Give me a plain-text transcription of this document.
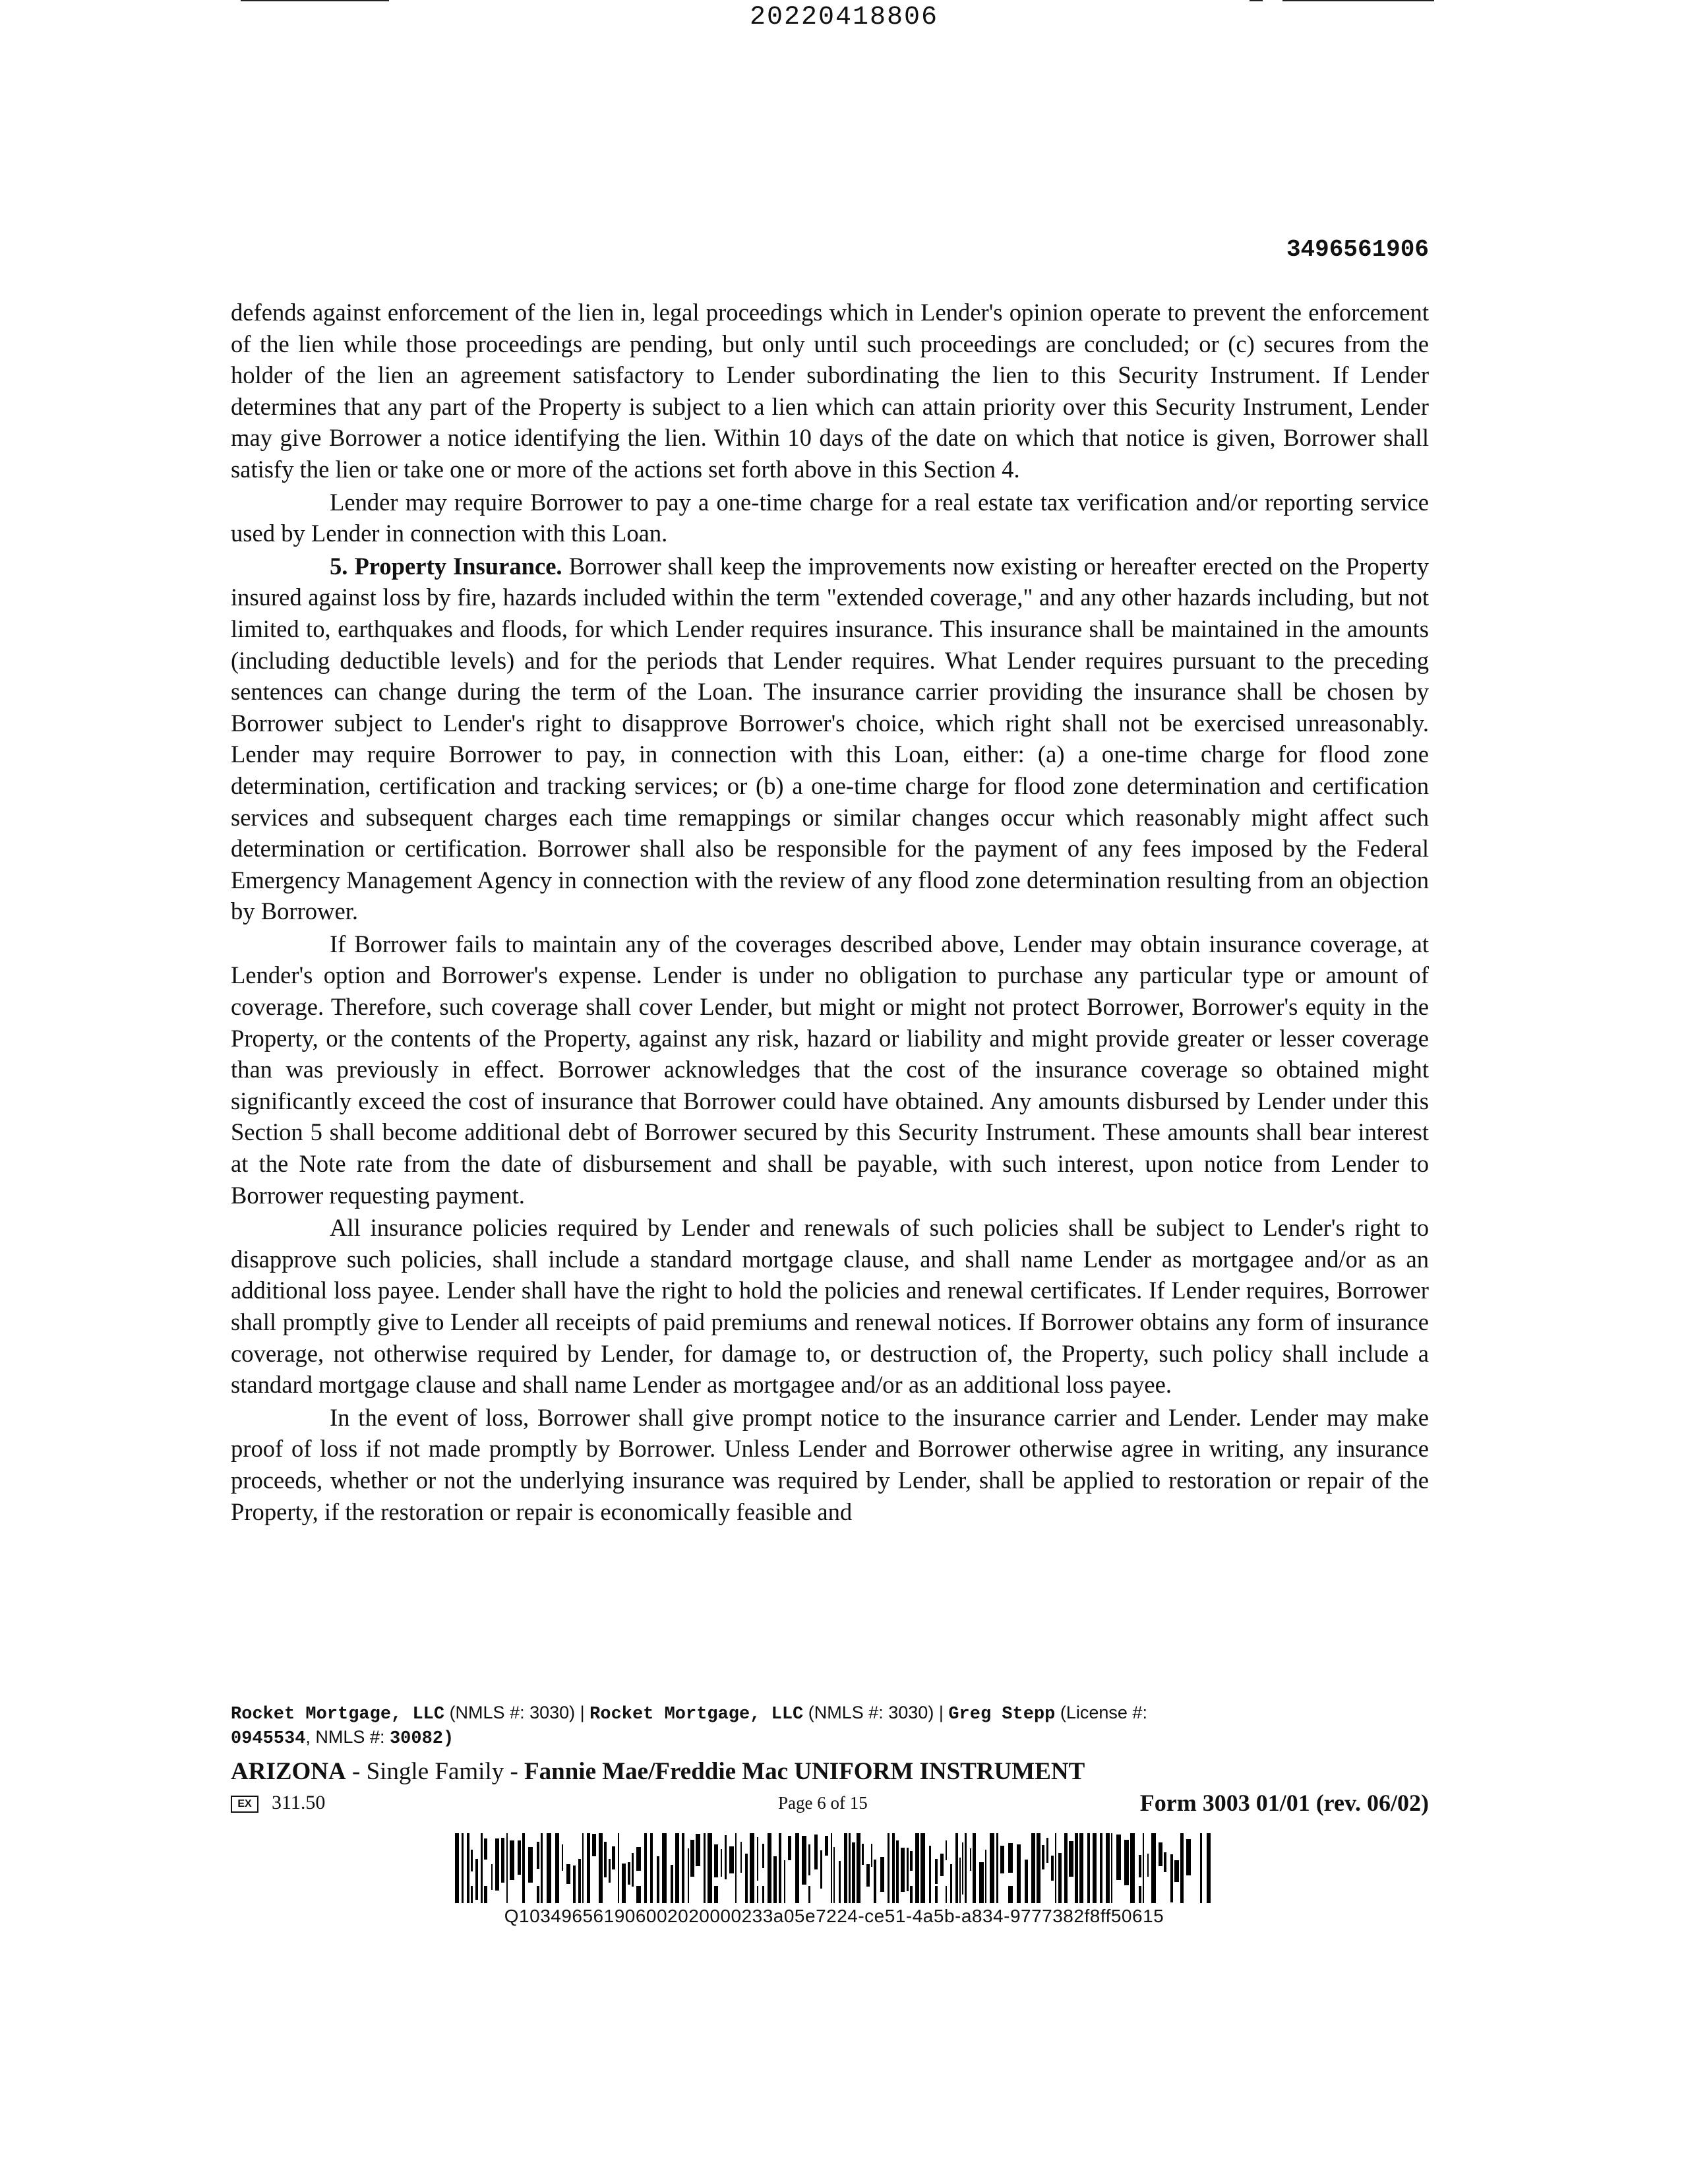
20220418806
3496561906

defends against enforcement of the lien in, legal proceedings which in Lender's opinion operate to prevent the enforcement of the lien while those proceedings are pending, but only until such proceedings are concluded; or (c) secures from the holder of the lien an agreement satisfactory to Lender subordinating the lien to this Security Instrument. If Lender determines that any part of the Property is subject to a lien which can attain priority over this Security Instrument, Lender may give Borrower a notice identifying the lien. Within 10 days of the date on which that notice is given, Borrower shall satisfy the lien or take one or more of the actions set forth above in this Section 4.

Lender may require Borrower to pay a one-time charge for a real estate tax verification and/or reporting service used by Lender in connection with this Loan.

5. Property Insurance. Borrower shall keep the improvements now existing or hereafter erected on the Property insured against loss by fire, hazards included within the term "extended coverage," and any other hazards including, but not limited to, earthquakes and floods, for which Lender requires insurance. This insurance shall be maintained in the amounts (including deductible levels) and for the periods that Lender requires. What Lender requires pursuant to the preceding sentences can change during the term of the Loan. The insurance carrier providing the insurance shall be chosen by Borrower subject to Lender's right to disapprove Borrower's choice, which right shall not be exercised unreasonably. Lender may require Borrower to pay, in connection with this Loan, either: (a) a one-time charge for flood zone determination, certification and tracking services; or (b) a one-time charge for flood zone determination and certification services and subsequent charges each time remappings or similar changes occur which reasonably might affect such determination or certification. Borrower shall also be responsible for the payment of any fees imposed by the Federal Emergency Management Agency in connection with the review of any flood zone determination resulting from an objection by Borrower.

If Borrower fails to maintain any of the coverages described above, Lender may obtain insurance coverage, at Lender's option and Borrower's expense. Lender is under no obligation to purchase any particular type or amount of coverage. Therefore, such coverage shall cover Lender, but might or might not protect Borrower, Borrower's equity in the Property, or the contents of the Property, against any risk, hazard or liability and might provide greater or lesser coverage than was previously in effect. Borrower acknowledges that the cost of the insurance coverage so obtained might significantly exceed the cost of insurance that Borrower could have obtained. Any amounts disbursed by Lender under this Section 5 shall become additional debt of Borrower secured by this Security Instrument. These amounts shall bear interest at the Note rate from the date of disbursement and shall be payable, with such interest, upon notice from Lender to Borrower requesting payment.

All insurance policies required by Lender and renewals of such policies shall be subject to Lender's right to disapprove such policies, shall include a standard mortgage clause, and shall name Lender as mortgagee and/or as an additional loss payee. Lender shall have the right to hold the policies and renewal certificates. If Lender requires, Borrower shall promptly give to Lender all receipts of paid premiums and renewal notices. If Borrower obtains any form of insurance coverage, not otherwise required by Lender, for damage to, or destruction of, the Property, such policy shall include a standard mortgage clause and shall name Lender as mortgagee and/or as an additional loss payee.

In the event of loss, Borrower shall give prompt notice to the insurance carrier and Lender. Lender may make proof of loss if not made promptly by Borrower. Unless Lender and Borrower otherwise agree in writing, any insurance proceeds, whether or not the underlying insurance was required by Lender, shall be applied to restoration or repair of the Property, if the restoration or repair is economically feasible and

Rocket Mortgage, LLC (NMLS #: 3030) | Rocket Mortgage, LLC (NMLS #: 3030) | Greg Stepp (License #:
0945534, NMLS #: 30082)
ARIZONA - Single Family - Fannie Mae/Freddie Mac UNIFORM INSTRUMENT
EX	311.50	Page 6 of 15	Form 3003 01/01 (rev. 06/02)
Q103496561906002020000233a05e7224-ce51-4a5b-a834-9777382f8ff50615
